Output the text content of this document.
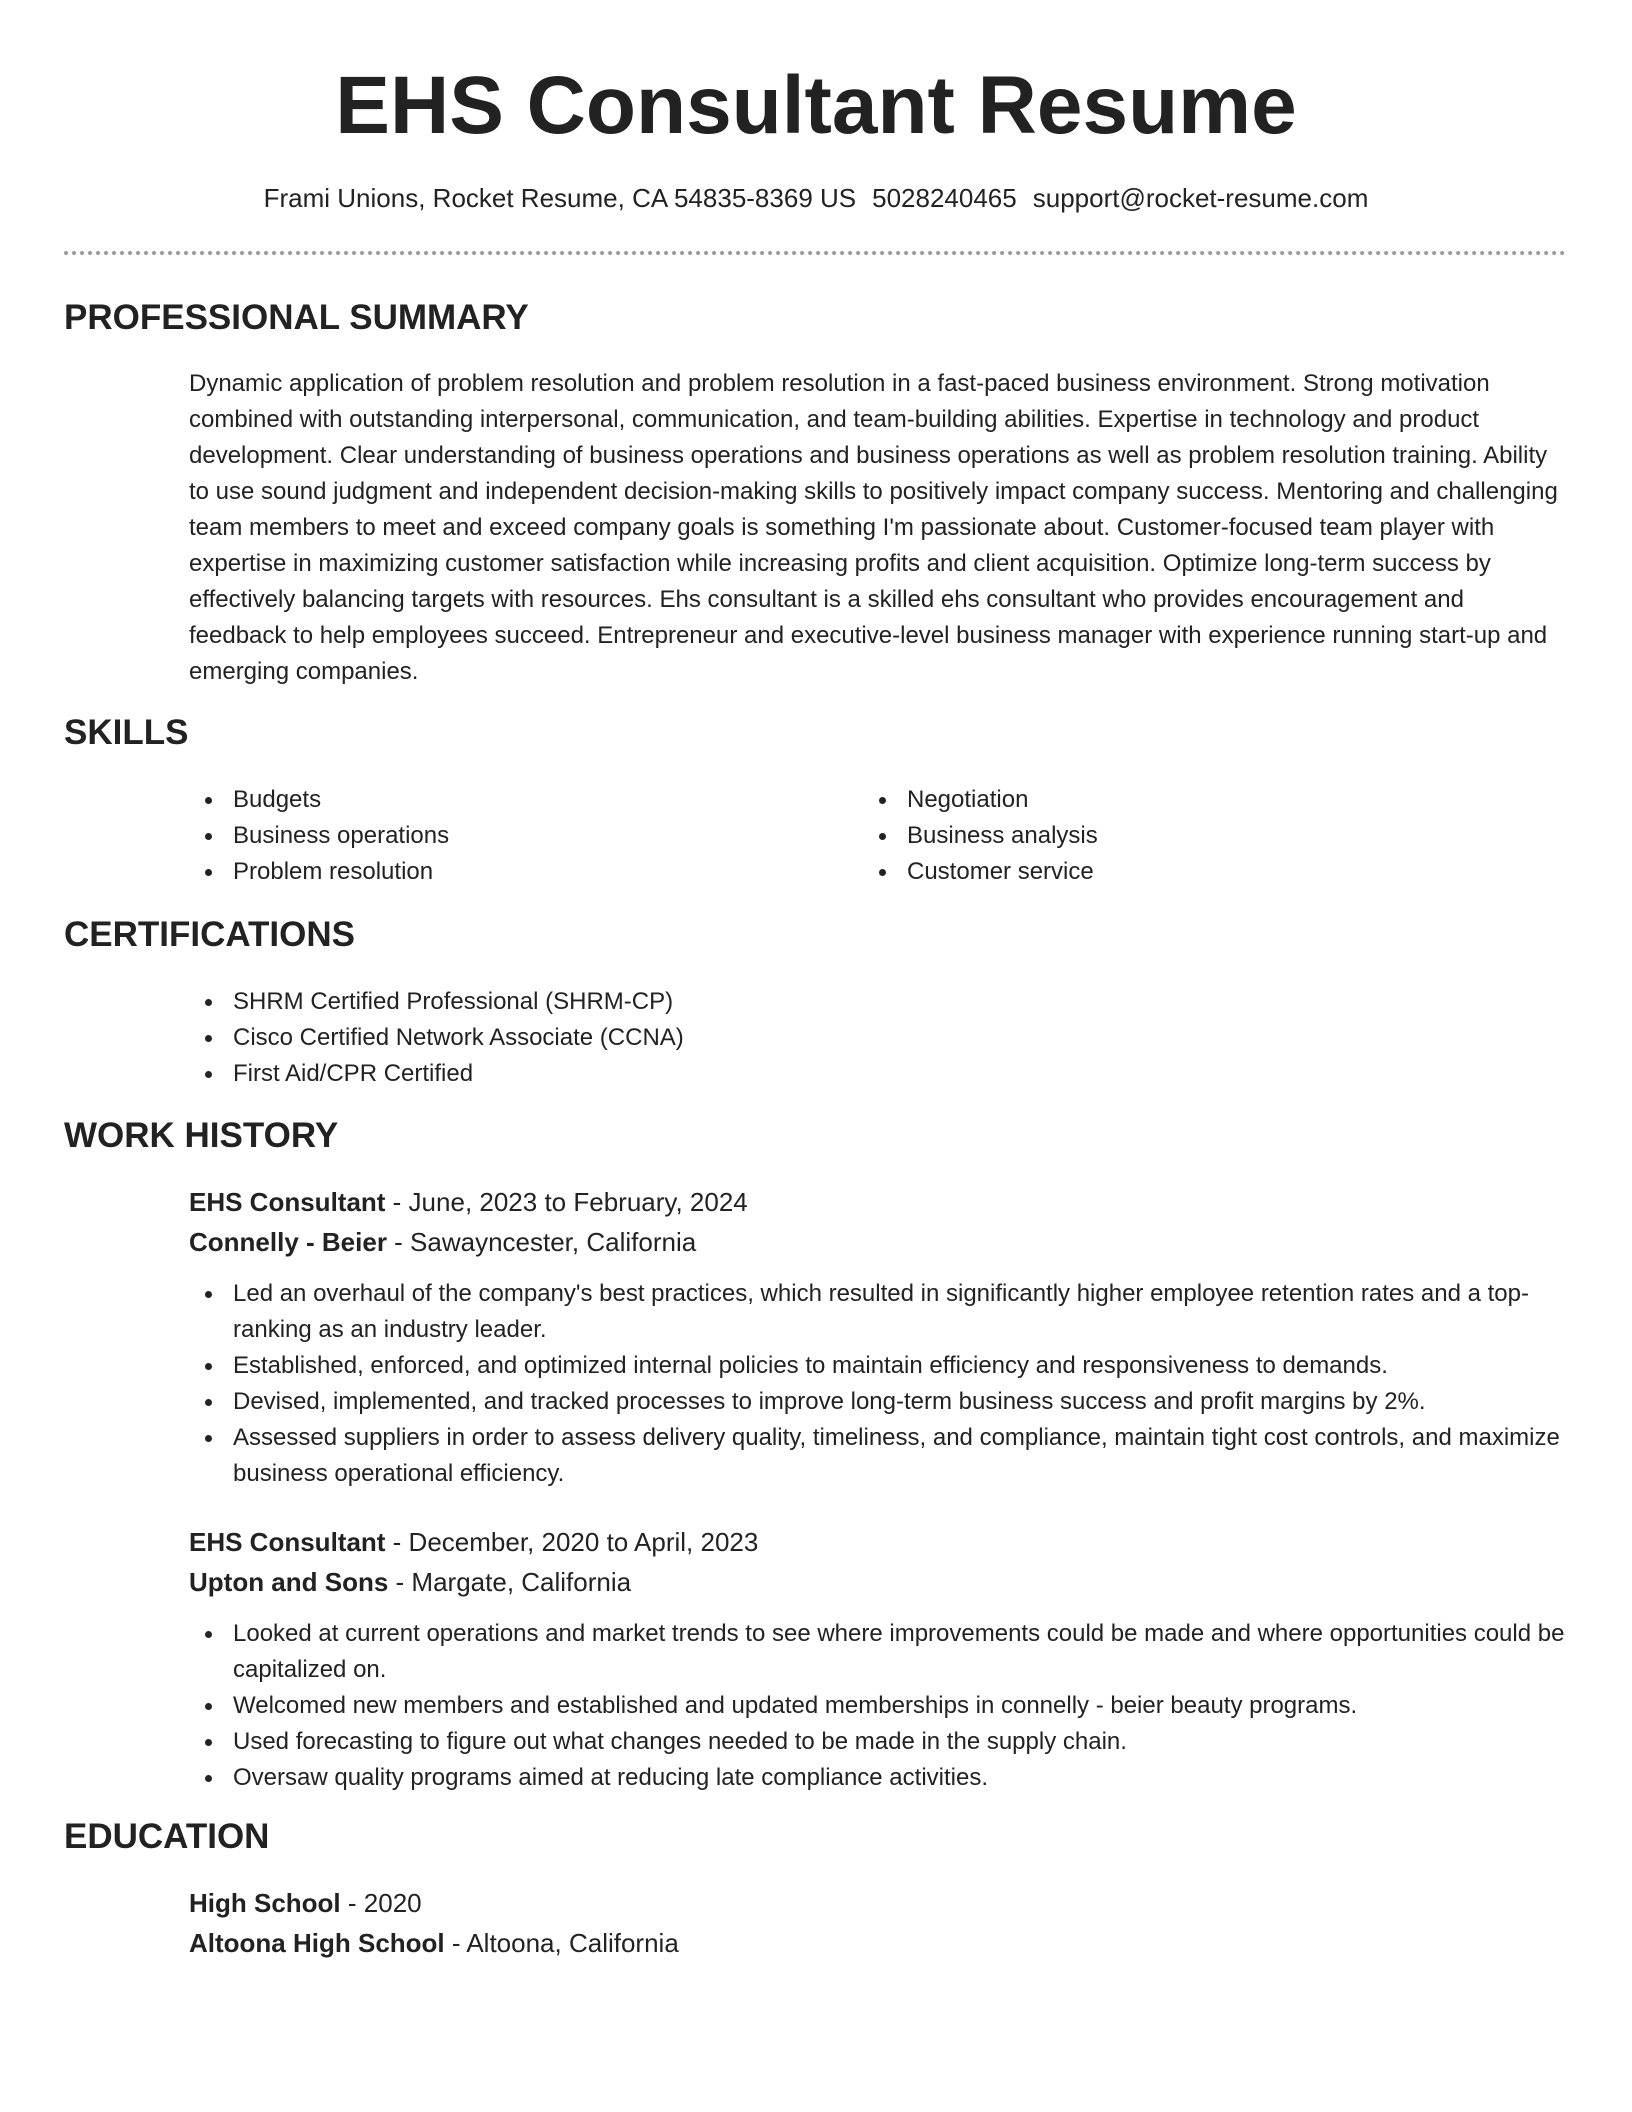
EHS Consultant Resume
Frami Unions, Rocket Resume, CA 54835-8369 US 5028240465 support@rocket-resume.com
PROFESSIONAL SUMMARY

Dynamic application of problem resolution and problem resolution in a fast-paced business environment. Strong motivation combined with outstanding interpersonal, communication, and team-building abilities. Expertise in technology and product development. Clear understanding of business operations and business operations as well as problem resolution training. Ability to use sound judgment and independent decision-making skills to positively impact company success. Mentoring and challenging team members to meet and exceed company goals is something I'm passionate about. Customer-focused team player with expertise in maximizing customer satisfaction while increasing profits and client acquisition. Optimize long-term success by effectively balancing targets with resources. Ehs consultant is a skilled ehs consultant who provides encouragement and feedback to help employees succeed. Entrepreneur and executive-level business manager with experience running start-up and emerging companies.

SKILLS
Budgets
Business operations
Problem resolution
Negotiation
Business analysis
Customer service
CERTIFICATIONS
SHRM Certified Professional (SHRM-CP)
Cisco Certified Network Associate (CCNA)
First Aid/CPR Certified
WORK HISTORY
EHS Consultant - June, 2023 to February, 2024
Connelly - Beier - Sawayncester, California
Led an overhaul of the company's best practices, which resulted in significantly higher employee retention rates and a top-ranking as an industry leader.
Established, enforced, and optimized internal policies to maintain efficiency and responsiveness to demands.
Devised, implemented, and tracked processes to improve long-term business success and profit margins by 2%.
Assessed suppliers in order to assess delivery quality, timeliness, and compliance, maintain tight cost controls, and maximize business operational efficiency.
EHS Consultant - December, 2020 to April, 2023
Upton and Sons - Margate, California
Looked at current operations and market trends to see where improvements could be made and where opportunities could be capitalized on.
Welcomed new members and established and updated memberships in connelly - beier beauty programs.
Used forecasting to figure out what changes needed to be made in the supply chain.
Oversaw quality programs aimed at reducing late compliance activities.
EDUCATION
High School - 2020
Altoona High School - Altoona, California
